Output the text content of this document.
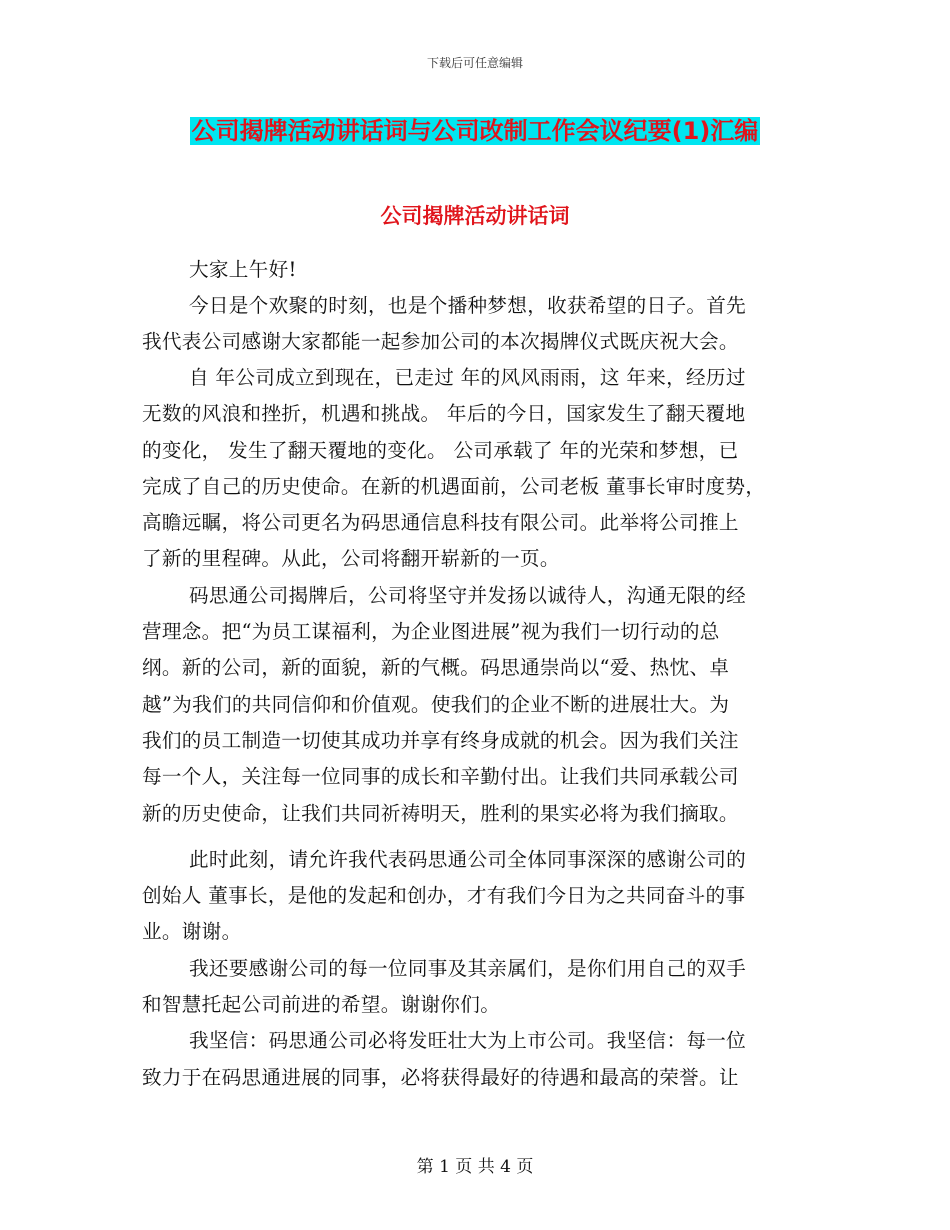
下载后可任意编辑
公司揭牌活动讲话词与公司改制工作会议纪要(1)汇编
公司揭牌活动讲话词
大家上午好!
今日是个欢聚的时刻，也是个播种梦想，收获希望的日子。首先
我代表公司感谢大家都能一起参加公司的本次揭牌仪式既庆祝大会。
自 年公司成立到现在，已走过 年的风风雨雨，这 年来，经历过
无数的风浪和挫折，机遇和挑战。 年后的今日，国家发生了翻天覆地
的变化， 发生了翻天覆地的变化。 公司承载了 年的光荣和梦想，已
完成了自己的历史使命。在新的机遇面前，公司老板 董事长审时度势，
高瞻远瞩，将公司更名为码思通信息科技有限公司。此举将公司推上
了新的里程碑。从此，公司将翻开崭新的一页。
码思通公司揭牌后，公司将坚守并发扬以诚待人，沟通无限的经
营理念。把“为员工谋福利，为企业图进展”视为我们一切行动的总
纲。新的公司，新的面貌，新的气概。码思通崇尚以“爱、热忱、卓
越”为我们的共同信仰和价值观。使我们的企业不断的进展壮大。为
我们的员工制造一切使其成功并享有终身成就的机会。因为我们关注
每一个人，关注每一位同事的成长和辛勤付出。让我们共同承载公司
新的历史使命，让我们共同祈祷明天，胜利的果实必将为我们摘取。
此时此刻，请允许我代表码思通公司全体同事深深的感谢公司的
创始人 董事长，是他的发起和创办，才有我们今日为之共同奋斗的事
业。谢谢。
我还要感谢公司的每一位同事及其亲属们，是你们用自己的双手
和智慧托起公司前进的希望。谢谢你们。
我坚信：码思通公司必将发旺壮大为上市公司。我坚信：每一位
致力于在码思通进展的同事，必将获得最好的待遇和最高的荣誉。让
第 1 页 共 4 页
